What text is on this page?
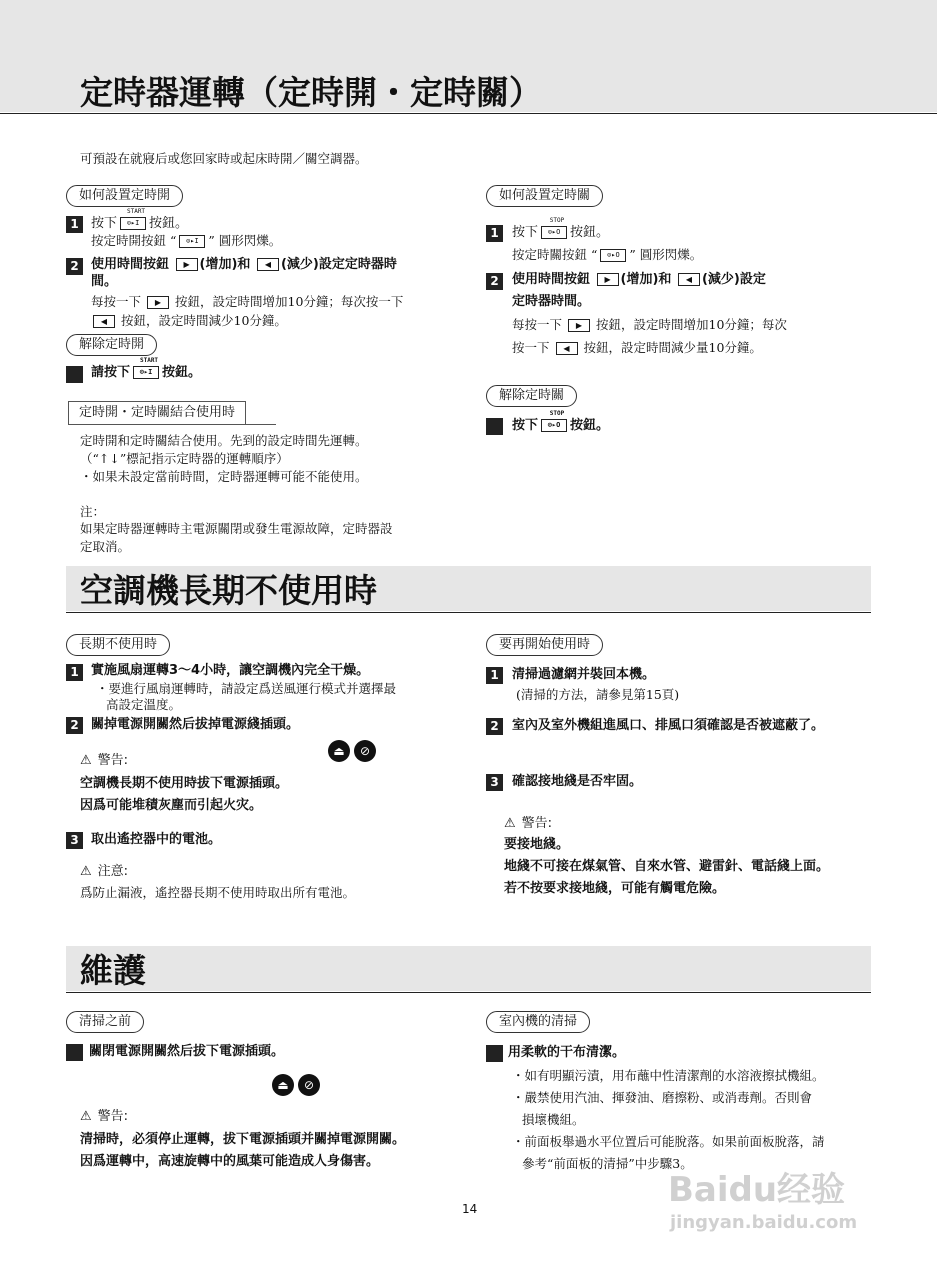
定時器運轉（定時開・定時關）
可預設在就寢后或您回家時或起床時開／關空調器。
如何設置定時開
1 按下
START
⊙▸I 按鈕。
按定時開按鈕 “ ⊙▸I ” 圓形閃爍。
2 使用時間按鈕 ▶ (增加)和 ◀ (減少)設定定時器時
間。
每按一下 ▶ 按鈕，設定時間增加10分鐘；每次按一下
◀ 按鈕，設定時間減少10分鐘。
解除定時開
請按下
START
⊙▸I 按鈕。
定時開・定時關結合使用時
定時開和定時關結合使用。先到的設定時間先運轉。
（“↑↓”標記指示定時器的運轉順序）
・如果未設定當前時間，定時器運轉可能不能使用。
注：
如果定時器運轉時主電源關閉或發生電源故障，定時器設
定取消。
如何設置定時關
1	按下
STOP
⊙▸O 按鈕。
按定時關按鈕 “ ⊙▸O ” 圓形閃爍。
2	使用時間按鈕 ▶ (增加)和 ◀ (減少)設定
定時器時間。
每按一下 ▶ 按鈕，設定時間增加10分鐘；每次
按一下 ◀ 按鈕，設定時間減少量10分鐘。
解除定時關
按下
STOP
⊙▸O 按鈕。
空調機長期不使用時
長期不使用時
1 實施風扇運轉3～4小時，讓空調機內完全干燥。
・要進行風扇運轉時，請設定爲送風運行模式并選擇最
高設定溫度。
2 關掉電源開關然后拔掉電源綫插頭。
⚠ 警告:
⏏	⊘
空調機長期不使用時拔下電源插頭。
因爲可能堆積灰塵而引起火灾。
3 取出遙控器中的電池。
⚠ 注意:
爲防止漏液，遙控器長期不使用時取出所有電池。
要再開始使用時
1	清掃過濾網并裝回本機。
(清掃的方法，請參見第15頁)
2	室內及室外機組進風口、排風口須確認是否被遮蔽了。
3	確認接地綫是否牢固。
⚠ 警告:
要接地綫。
地綫不可接在煤氣管、自來水管、避雷針、電話綫上面。
若不按要求接地綫，可能有觸電危險。
維護
清掃之前
關閉電源開關然后拔下電源插頭。
⏏	⊘
⚠ 警告:
清掃時，必須停止運轉，拔下電源插頭并關掉電源開關。
因爲運轉中，高速旋轉中的風葉可能造成人身傷害。
室內機的清掃
用柔軟的干布清潔。
・如有明顯污漬，用布蘸中性清潔劑的水溶液擦拭機組。
・嚴禁使用汽油、揮發油、磨擦粉、或消毒劑。否則會
損壞機組。
・前面板舉過水平位置后可能脫落。如果前面板脫落，請
參考“前面板的清掃”中步驟3。
14	Baidu经验
jingyan.baidu.com
